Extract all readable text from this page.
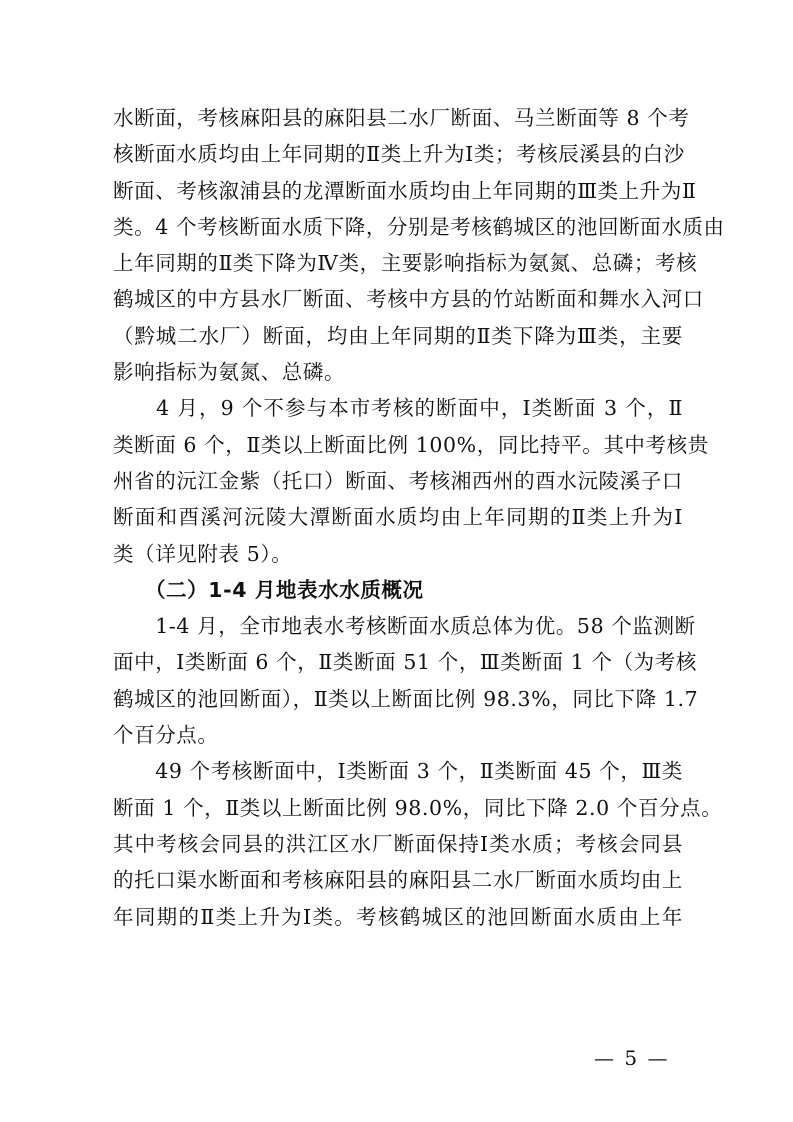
水断面，考核麻阳县的麻阳县二水厂断面、马兰断面等 8 个考
核断面水质均由上年同期的Ⅱ类上升为Ⅰ类；考核辰溪县的白沙
断面、考核溆浦县的龙潭断面水质均由上年同期的Ⅲ类上升为Ⅱ
类。4 个考核断面水质下降，分别是考核鹤城区的池回断面水质由
上年同期的Ⅱ类下降为Ⅳ类，主要影响指标为氨氮、总磷；考核
鹤城区的中方县水厂断面、考核中方县的竹站断面和舞水入河口
（黔城二水厂）断面，均由上年同期的Ⅱ类下降为Ⅲ类，主要
影响指标为氨氮、总磷。
　　4 月，9 个不参与本市考核的断面中，Ⅰ类断面 3 个，Ⅱ
类断面 6 个，Ⅱ类以上断面比例 100%，同比持平。其中考核贵
州省的沅江金紫（托口）断面、考核湘西州的酉水沅陵溪子口
断面和酉溪河沅陵大潭断面水质均由上年同期的Ⅱ类上升为Ⅰ
类（详见附表 5）。
　　（二）1-4 月地表水水质概况
　　1-4 月，全市地表水考核断面水质总体为优。58 个监测断
面中，Ⅰ类断面 6 个，Ⅱ类断面 51 个，Ⅲ类断面 1 个（为考核
鹤城区的池回断面），Ⅱ类以上断面比例 98.3%，同比下降 1.7
个百分点。
　　49 个考核断面中，Ⅰ类断面 3 个，Ⅱ类断面 45 个，Ⅲ类
断面 1 个，Ⅱ类以上断面比例 98.0%，同比下降 2.0 个百分点。
其中考核会同县的洪江区水厂断面保持Ⅰ类水质；考核会同县
的托口渠水断面和考核麻阳县的麻阳县二水厂断面水质均由上
年同期的Ⅱ类上升为Ⅰ类。考核鹤城区的池回断面水质由上年
— 5 —
